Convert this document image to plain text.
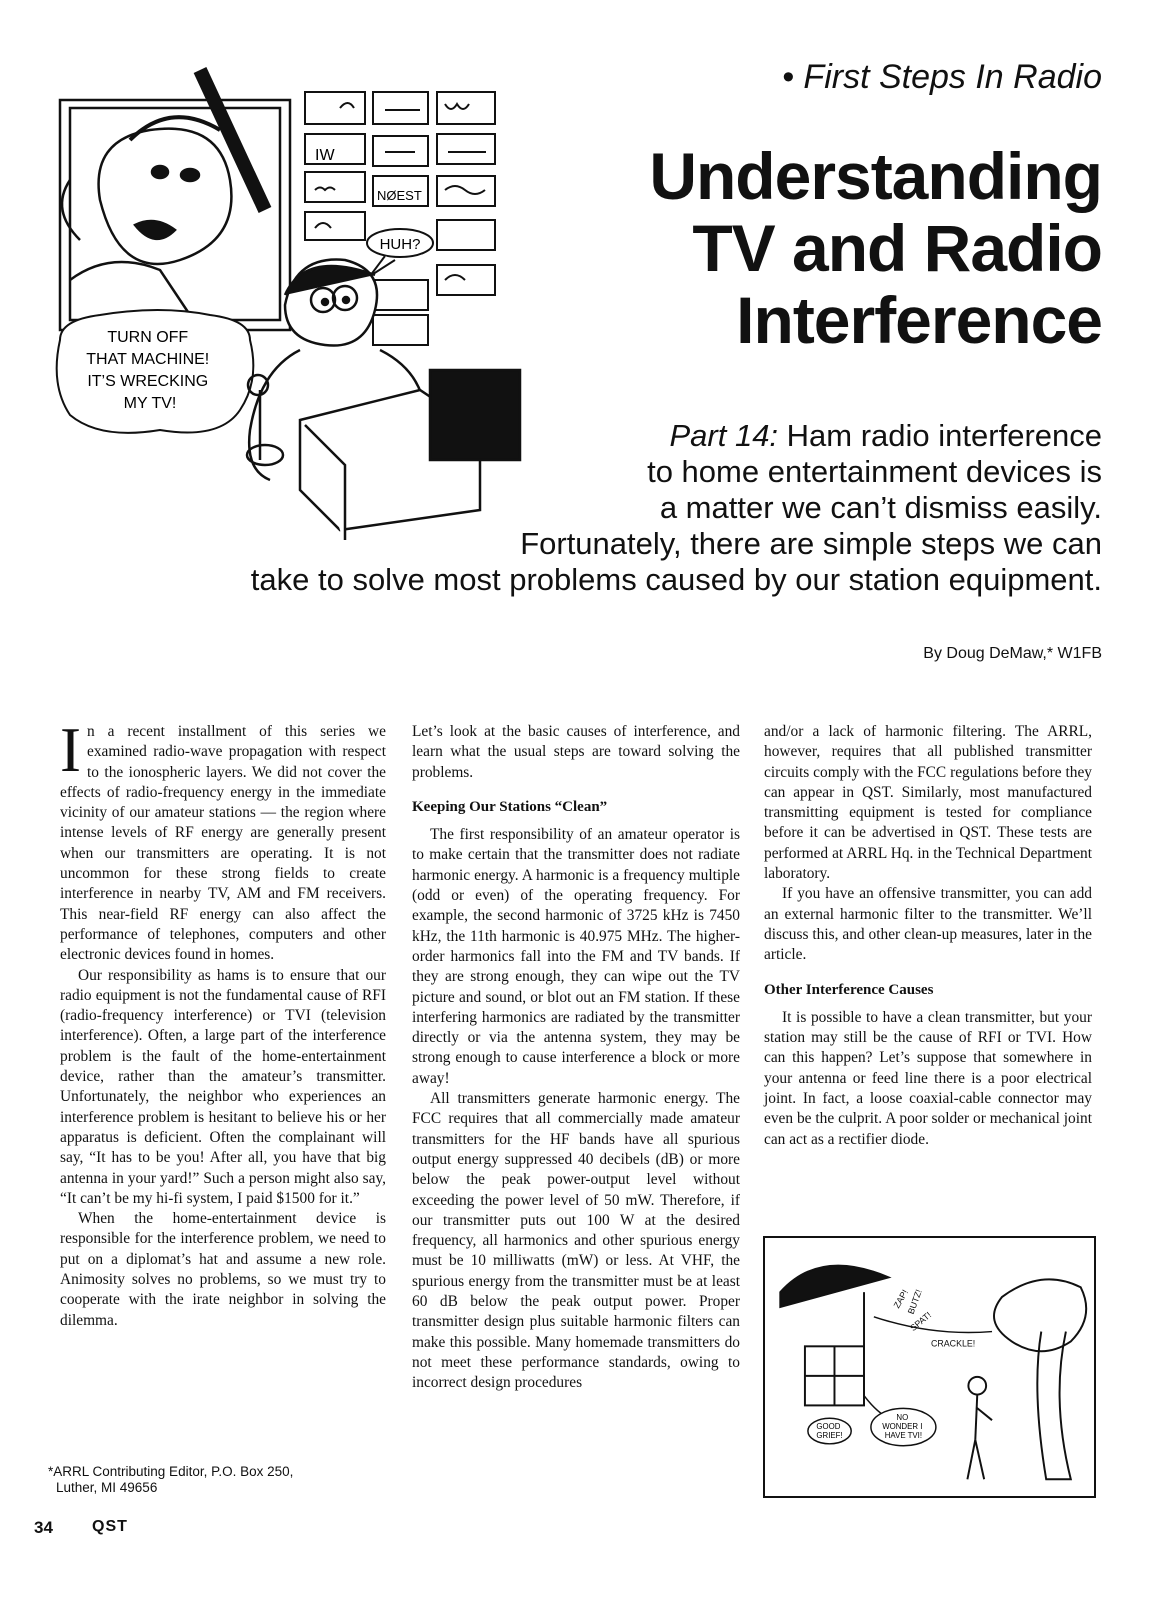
IW
NØEST
TURN OFF THAT MACHINE! IT’S WRECKING MY TV!
HUH?
• First Steps In Radio
Understanding
TV and Radio
Interference
Part 14: Ham radio interference
to home entertainment devices is
a matter we can’t dismiss easily.
Fortunately, there are simple steps we can
take to solve most problems caused by our station equipment.
By Doug DeMaw,* W1FB

In a recent installment of this series we examined radio-wave propagation with respect to the ionospheric layers. We did not cover the effects of radio-frequency energy in the immediate vicinity of our amateur stations — the region where intense levels of RF energy are generally present when our transmitters are operating. It is not uncommon for these strong fields to create interference in nearby TV, AM and FM receivers. This near-field RF energy can also affect the performance of telephones, computers and other electronic devices found in homes.

Our responsibility as hams is to ensure that our radio equipment is not the fundamental cause of RFI (radio-frequency interference) or TVI (television interference). Often, a large part of the interference problem is the fault of the home-entertainment device, rather than the amateur’s transmitter. Unfortunately, the neighbor who experiences an interference problem is hesitant to believe his or her apparatus is deficient. Often the complainant will say, “It has to be you! After all, you have that big antenna in your yard!” Such a person might also say, “It can’t be my hi-fi system, I paid $1500 for it.”

When the home-entertainment device is responsible for the interference problem, we need to put on a diplomat’s hat and assume a new role. Animosity solves no problems, so we must try to cooperate with the irate neighbor in solving the dilemma.

Let’s look at the basic causes of interference, and learn what the usual steps are toward solving the problems.

Keeping Our Stations “Clean”

The first responsibility of an amateur operator is to make certain that the transmitter does not radiate harmonic energy. A harmonic is a frequency multiple (odd or even) of the operating frequency. For example, the second harmonic of 3725 kHz is 7450 kHz, the 11th harmonic is 40.975 MHz. The higher-order harmonics fall into the FM and TV bands. If they are strong enough, they can wipe out the TV picture and sound, or blot out an FM station. If these interfering harmonics are radiated by the transmitter directly or via the antenna system, they may be strong enough to cause interference a block or more away!

All transmitters generate harmonic energy. The FCC requires that all commercially made amateur transmitters for the HF bands have all spurious output energy suppressed 40 decibels (dB) or more below the peak power-output level without exceeding the power level of 50 mW. Therefore, if our transmitter puts out 100 W at the desired frequency, all harmonics and other spurious energy must be 10 milliwatts (mW) or less. At VHF, the spurious energy from the transmitter must be at least 60 dB below the peak output power. Proper transmitter design plus suitable harmonic filters can make this possible. Many homemade transmitters do not meet these performance standards, owing to incorrect design procedures

and/or a lack of harmonic filtering. The ARRL, however, requires that all published transmitter circuits comply with the FCC regulations before they can appear in QST. Similarly, most manufactured transmitting equipment is tested for compliance before it can be advertised in QST. These tests are performed at ARRL Hq. in the Technical Department laboratory.

If you have an offensive transmitter, you can add an external harmonic filter to the transmitter. We’ll discuss this, and other clean-up measures, later in the article.

Other Interference Causes

It is possible to have a clean transmitter, but your station may still be the cause of RFI or TVI. How can this happen? Let’s suppose that somewhere in your antenna or feed line there is a poor electrical joint. In fact, a loose coaxial-cable connector may even be the culprit. A poor solder or mechanical joint can act as a rectifier diode.

ZAP!
BUTZ!
SPAT!
CRACKLE!
GOOD GRIEF!
NO WONDER I HAVE TVI!
*ARRL Contributing Editor, P.O. Box 250,
Luther, MI 49656
34 QST
